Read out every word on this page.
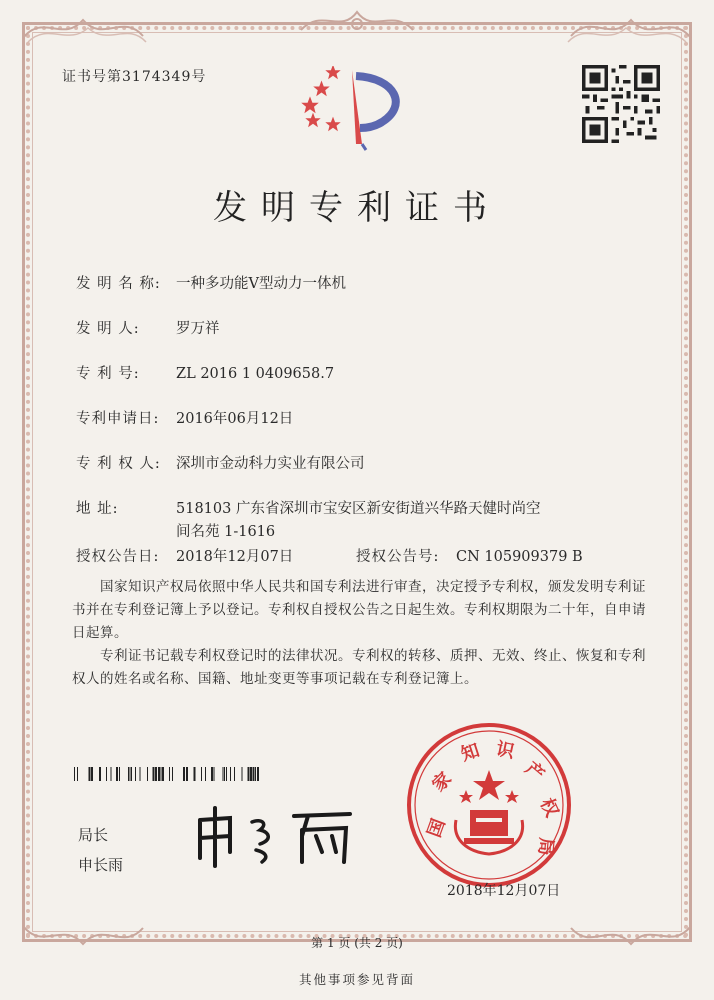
证书号第3174349号
发明专利证书
发 明 名 称: 一种多功能V型动力一体机
发 明 人:	罗万祥
专 利 号:	ZL 2016 1 0409658.7
专利申请日: 2016年06月12日
专 利 权 人: 深圳市金动科力实业有限公司
地 址:	518103 广东省深圳市宝安区新安街道兴华路天健时尚空
间名苑 1-1616
授权公告日: 2018年12月07日	授权公告号: CN 105909379 B
国家知识产权局依照中华人民共和国专利法进行审查，决定授予专利权，颁发发明专利证书并在专利登记簿上予以登记。专利权自授权公告之日起生效。专利权期限为二十年，自申请日起算。
专利证书记载专利权登记时的法律状况。专利权的转移、质押、无效、终止、恢复和专利权人的姓名或名称、国籍、地址变更等事项记载在专利登记簿上。
局长
申长雨
国
家
知 识
产
权
局
2018年12月07日
第 1 页 (共 2 页)
其他事项参见背面
